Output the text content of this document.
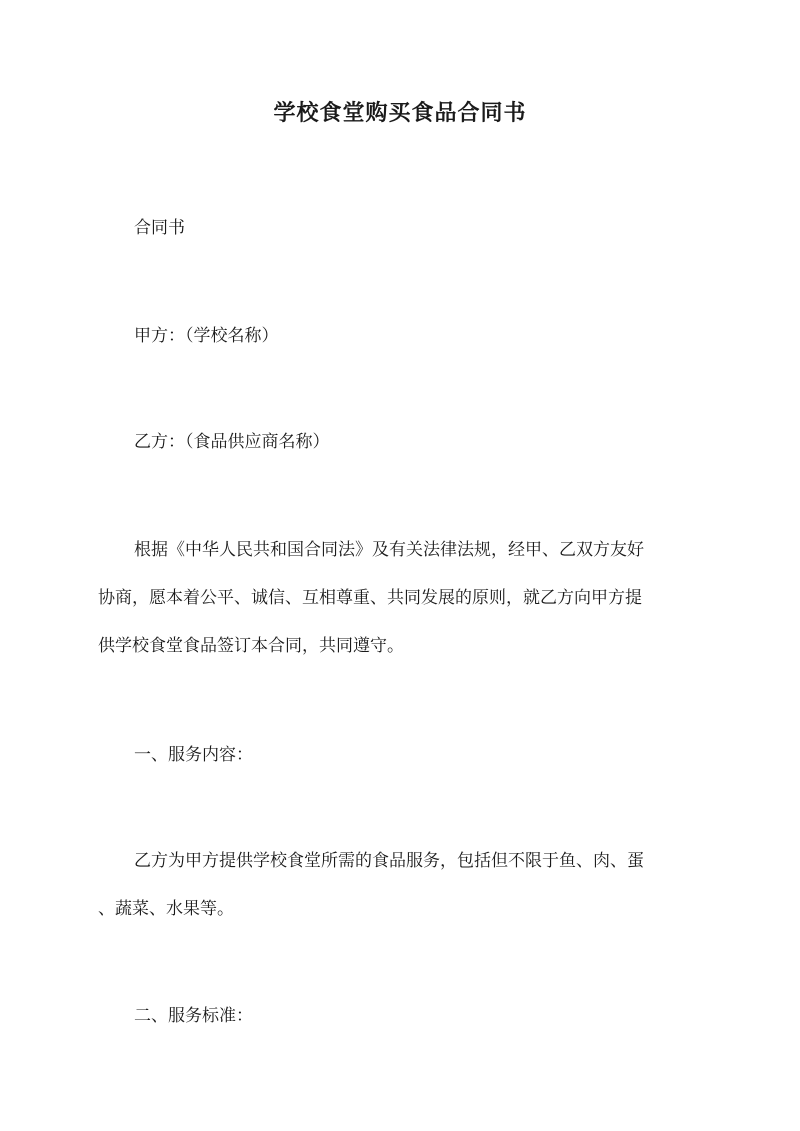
学校食堂购买食品合同书
合同书
甲方：（学校名称）
乙方：（食品供应商名称）
根据《中华人民共和国合同法》及有关法律法规，经甲、乙双方友好
协商，愿本着公平、诚信、互相尊重、共同发展的原则，就乙方向甲方提
供学校食堂食品签订本合同，共同遵守。
一、服务内容：
乙方为甲方提供学校食堂所需的食品服务，包括但不限于鱼、肉、蛋
、蔬菜、水果等。
二、服务标准：
